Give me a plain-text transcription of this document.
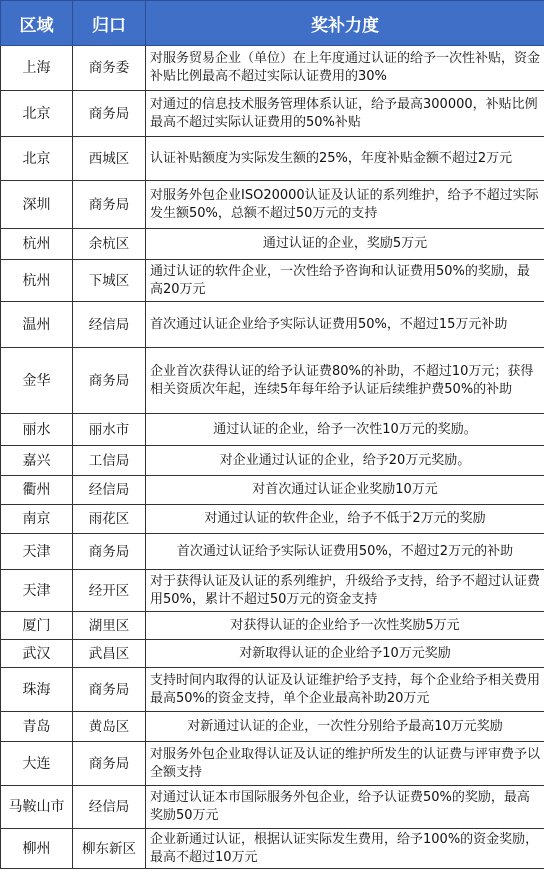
区域	归口	奖补力度
上海	商务委	对服务贸易企业（单位）在上年度通过认证的给予一次性补贴，资金补贴比例最高不超过实际认证费用的30%
北京	商务局	对通过的信息技术服务管理体系认证，给予最高300000，补贴比例最高不超过实际认证费用的50%补贴
北京	西城区	认证补贴额度为实际发生额的25%，年度补贴金额不超过2万元
深圳	商务局	对服务外包企业ISO20000认证及认证的系列维护，给予不超过实际发生额50%，总额不超过50万元的支持
杭州	余杭区	通过认证的企业，奖励5万元
杭州	下城区	通过认证的软件企业，一次性给予咨询和认证费用50%的奖励，最高20万元
温州	经信局	首次通过认证企业给予实际认证费用50%，不超过15万元补助
金华	商务局	企业首次获得认证的给予认证费80%的补助，不超过10万元；获得相关资质次年起，连续5年每年给予认证后续维护费50%的补助
丽水	丽水市	通过认证的企业，给予一次性10万元的奖励。
嘉兴	工信局	对企业通过认证的企业，给予20万元奖励。
衢州	经信局	对首次通过认证企业奖励10万元
南京	雨花区	对通过认证的软件企业，给予不低于2万元的奖励
天津	商务局	首次通过认证给予实际认证费用50%，不超过2万元的补助
天津	经开区	对于获得认证及认证的系列维护，升级给予支持，给予不超过认证费用50%，累计不超过50万元的资金支持
厦门	湖里区	对获得认证的企业给予一次性奖励5万元
武汉	武昌区	对新取得认证的企业给予10万元奖励
珠海	商务局	支持时间内取得的认证及认证维护给予支持，每个企业给予相关费用最高50%的资金支持，单个企业最高补助20万元
青岛	黄岛区	对新通过认证的企业，一次性分别给予最高10万元奖励
大连	商务局	对服务外包企业取得认证及认证的维护所发生的认证费与评审费予以全额支持
马鞍山市	经信局	对通过认证本市国际服务外包企业，给予认证费50%的奖励，最高奖励50万元
柳州	柳东新区	企业新通过认证，根据认证实际发生费用，给予100%的资金奖励，最高不超过10万元
